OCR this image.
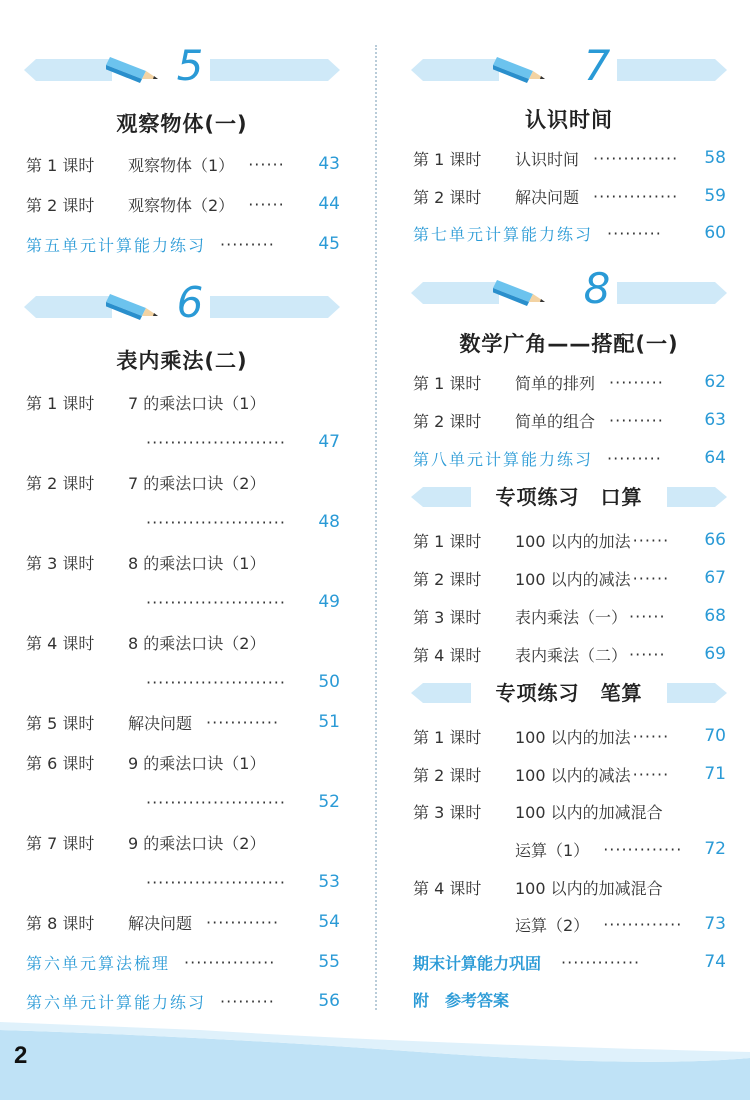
5
观察物体(一)
第 1 课时	观察物体（1） ······ 43
第 2 课时	观察物体（2） ······ 44
第五单元计算能力练习 ·········	45
6
表内乘法(二)
第 1 课时	7 的乘法口诀（1）
······················· 47
第 2 课时	7 的乘法口诀（2）
······················· 48
第 3 课时	8 的乘法口诀（1）
······················· 49
第 4 课时	8 的乘法口诀（2）
······················· 50
第 5 课时	解决问题 ············ 51
第 6 课时	9 的乘法口诀（1）
······················· 52
第 7 课时	9 的乘法口诀（2）
······················· 53
第 8 课时	解决问题 ············ 54
第六单元算法梳理 ···············	55
第六单元计算能力练习 ·········	56
7
认识时间
第 1 课时	认识时间 ·············· 58
第 2 课时	解决问题 ·············· 59
第七单元计算能力练习 ·········	60
8
数学广角——搭配(一)
第 1 课时	简单的排列 ········· 62
第 2 课时	简单的组合 ········· 63
第八单元计算能力练习 ·········	64
专项练习　口算
第 1 课时	100 以内的加法 ······ 66
第 2 课时	100 以内的减法 ······ 67
第 3 课时	表内乘法（一） ······ 68
第 4 课时	表内乘法（二） ······ 69
专项练习　笔算
第 1 课时	100 以内的加法 ······ 70
第 2 课时	100 以内的减法 ······ 71
第 3 课时	100 以内的加减混合
运算（1） ············· 72
第 4 课时	100 以内的加减混合
运算（2） ············· 73
期末计算能力巩固 ·············	74
附　参考答案
2
